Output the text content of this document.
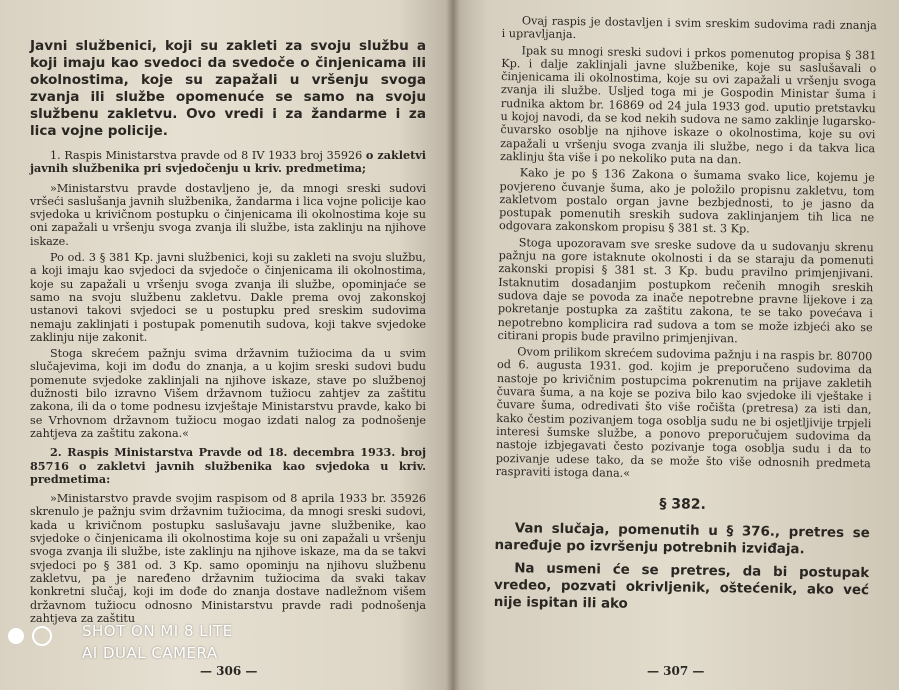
Javni službenici, koji su zakleti za svoju službu a koji imaju kao svedoci da svedoče o činjenicama ili okolnostima, koje su zapažali u vršenju svoga zvanja ili službe opomenuće se samo na svoju službenu zakletvu. Ovo vredi i za žandarme i za lica vojne policije.

1. Raspis Ministarstva pravde od 8 IV 1933 broj 35926 o zakletvi javnih službenika pri svjedočenju u kriv. predmetima;

»Ministarstvu pravde dostavljeno je, da mnogi sreski sudovi vršeći saslušanja javnih službenika, žandarma i lica vojne policije kao svjedoka u krivičnom postupku o činjenicama ili okolnostima koje su oni zapažali u vršenju svoga zvanja ili službe, ista zaklinju na njihove iskaze.

Po od. 3 § 381 Kp. javni službenici, koji su zakleti na svoju službu, a koji imaju kao svjedoci da svjedoče o činjenicama ili okolnostima, koje su zapažali u vršenju svoga zvanja ili službe, opominjaće se samo na svoju službenu zakletvu. Dakle prema ovoj zakonskoj ustanovi takovi svjedoci se u postupku pred sreskim sudovima nemaju zaklinjati i postupak pomenutih sudova, koji takve svjedoke zaklinju nije zakonit.

Stoga skrećem pažnju svima državnim tužiocima da u svim slučajevima, koji im dođu do znanja, a u kojim sreski sudovi budu pomenute svjedoke zaklinjali na njihove iskaze, stave po službenoj dužnosti bilo izravno Višem državnom tužiocu zahtjev za zaštitu zakona, ili da o tome podnesu izvještaje Ministarstvu pravde, kako bi se Vrhovnom državnom tužiocu mogao izdati nalog za podnošenje zahtjeva za zaštitu zakona.«

2. Raspis Ministarstva Pravde od 18. decembra 1933. broj 85716 o zakletvi javnih službenika kao svjedoka u kriv. predmetima:

»Ministarstvo pravde svojim raspisom od 8 aprila 1933 br. 35926 skrenulo je pažnju svim državnim tužiocima, da mnogi sreski sudovi, kada u krivičnom postupku saslušavaju javne službenike, kao svjedoke o činjenicama ili okolnostima koje su oni zapažali u vršenju svoga zvanja ili službe, iste zaklinju na njihove iskaze, ma da se takvi svjedoci po § 381 od. 3 Kp. samo opominju na njihovu službenu zakletvu, pa je naređeno državnim tužiocima da svaki takav konkretni slučaj, koji im dođe do znanja dostave nadležnom višem državnom tužiocu odnosno Ministarstvu pravde radi podnošenja zahtjeva za zaštitu

— 306 —

Ovaj raspis je dostavljen i svim sreskim sudovima radi znanja i upravljanja.

Ipak su mnogi sreski sudovi i prkos pomenutog propisa § 381 Kp. i dalje zaklinjali javne službenike, koje su saslušavali o činjenicama ili okolnostima, koje su ovi zapažali u vršenju svoga zvanja ili službe. Usljed toga mi je Gospodin Ministar šuma i rudnika aktom br. 16869 od 24 jula 1933 god. uputio pretstavku u kojoj navodi, da se kod nekih sudova ne samo zaklinje lugarsko-čuvarsko osoblje na njihove iskaze o okolnostima, koje su ovi zapažali u vršenju svoga zvanja ili službe, nego i da takva lica zaklinju šta više i po nekoliko puta na dan.

Kako je po § 136 Zakona o šumama svako lice, kojemu je povjereno čuvanje šuma, ako je položilo propisnu zakletvu, tom zakletvom postalo organ javne bezbjednosti, to je jasno da postupak pomenutih sreskih sudova zaklinjanjem tih lica ne odgovara zakonskom propisu § 381 st. 3 Kp.

Stoga upozoravam sve sreske sudove da u sudovanju skrenu pažnju na gore istaknute okolnosti i da se staraju da pomenuti zakonski propisi § 381 st. 3 Kp. budu pravilno primjenjivani. Istaknutim dosadanjim postupkom rečenih mnogih sreskih sudova daje se povoda za inače nepotrebne pravne lijekove i za pokretanje postupka za zaštitu zakona, te se tako povećava i nepotrebno komplicira rad sudova a tom se može izbjeći ako se citirani propis bude pravilno primjenjivan.

Ovom prilikom skrećem sudovima pažnju i na raspis br. 80700 od 6. augusta 1931. god. kojim je preporučeno sudovima da nastoje po krivičnim postupcima pokrenutim na prijave zakletih čuvara šuma, a na koje se poziva bilo kao svjedoke ili vještake i čuvare šuma, odredivati što više ročišta (pretresa) za isti dan, kako čestim pozivanjem toga osoblja sudu ne bi osjetljivije trpjeli interesi šumske službe, a ponovo preporučujem sudovima da nastoje izbjegavati često pozivanje toga osoblja sudu i da to pozivanje udese tako, da se može što više odnosnih predmeta raspraviti istoga dana.«

§ 382.

Van slučaja, pomenutih u § 376., pretres se naređuje po izvršenju potrebnih izviđaja.

Na usmeni će se pretres, da bi postupak vredeo, pozvati okrivljenik, oštećenik, ako već nije ispitan ili ako

— 307 —
SHOT ON MI 8 LITE
AI DUAL CAMERA
